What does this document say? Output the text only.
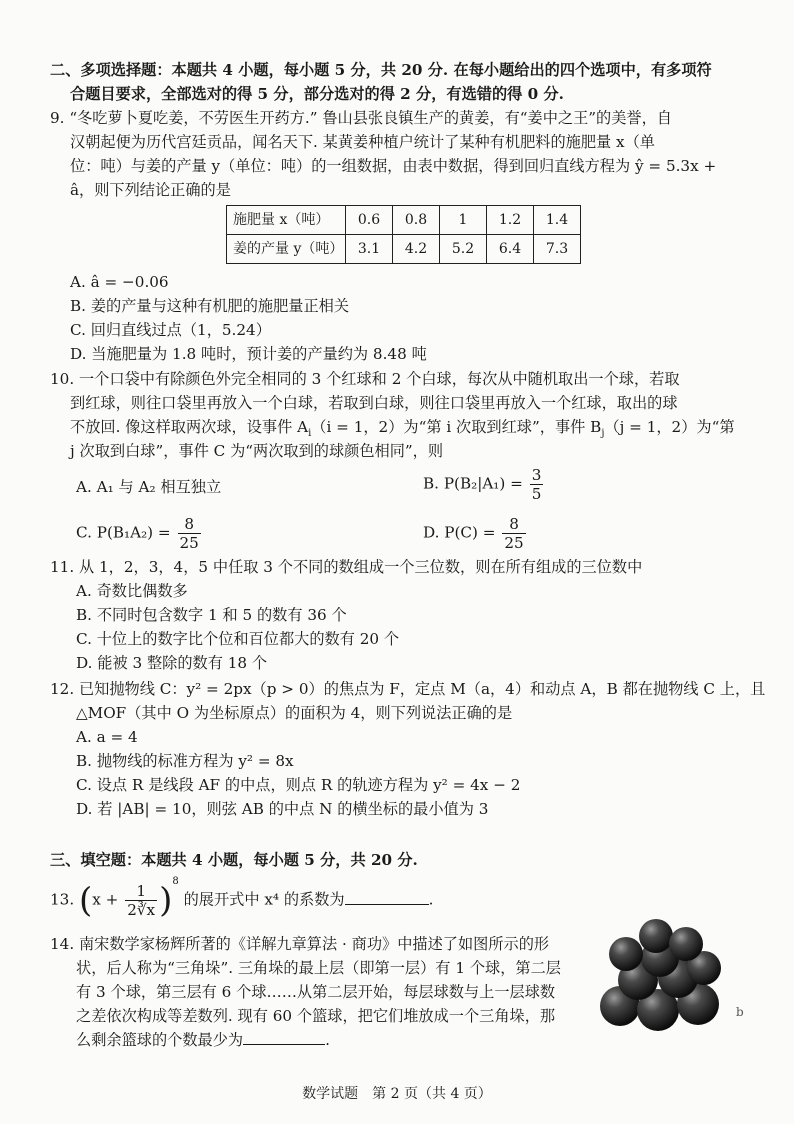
二、多项选择题：本题共 4 小题，每小题 5 分，共 20 分. 在每小题给出的四个选项中，有多项符
合题目要求，全部选对的得 5 分，部分选对的得 2 分，有选错的得 0 分.
9. “冬吃萝卜夏吃姜，不劳医生开药方.” 鲁山县张良镇生产的黄姜，有“姜中之王”的美誉，自
汉朝起便为历代宫廷贡品，闻名天下. 某黄姜种植户统计了某种有机肥料的施肥量 x（单
位：吨）与姜的产量 y（单位：吨）的一组数据，由表中数据，得到回归直线方程为 ŷ = 5.3x +
â，则下列结论正确的是
施肥量 x（吨）	0.6	0.8	1	1.2	1.4
姜的产量 y（吨）	3.1	4.2	5.2	6.4	7.3
A. â = −0.06
B. 姜的产量与这种有机肥的施肥量正相关
C. 回归直线过点（1，5.24）
D. 当施肥量为 1.8 吨时，预计姜的产量约为 8.48 吨
10. 一个口袋中有除颜色外完全相同的 3 个红球和 2 个白球，每次从中随机取出一个球，若取
到红球，则往口袋里再放入一个白球，若取到白球，则往口袋里再放入一个红球，取出的球
不放回. 像这样取两次球，设事件 $A_i(i = 1$，2）为“第 i 次取到红球”，事件 $B_j(j = 1$，2）为“第
j 次取到白球”，事件 C 为“两次取到的球颜色相同”，则
A. A₁ 与 A₂ 相互独立	B. $P(B_2|A_1) = \frac{3}{5}$
C. $P(B_1A_2) = \frac{8}{25}$	D. $P(C) = \frac{8}{25}$
11. 从 1，2，3，4，5 中任取 3 个不同的数组成一个三位数，则在所有组成的三位数中
A. 奇数比偶数多
B. 不同时包含数字 1 和 5 的数有 36 个
C. 十位上的数字比个位和百位都大的数有 20 个
D. 能被 3 整除的数有 18 个
12. 已知抛物线 C：y² = 2px（p > 0）的焦点为 F，定点 M（a，4）和动点 A，B 都在抛物线 C 上，且
△MOF（其中 O 为坐标原点）的面积为 4，则下列说法正确的是
A. a = 4
B. 抛物线的标准方程为 y² = 8x
C. 设点 R 是线段 AF 的中点，则点 R 的轨迹方程为 y² = 4x − 2
D. 若 |AB| = 10，则弦 AB 的中点 N 的横坐标的最小值为 3
三、填空题：本题共 4 小题，每小题 5 分，共 20 分.
13. $(x + \frac{1}{2∛x} )^8$ 的展开式中 x⁴ 的系数为	.
14. 南宋数学家杨辉所著的《详解九章算法 · 商功》中描述了如图所示的形
状，后人称为“三角垛”. 三角垛的最上层（即第一层）有 1 个球，第二层
有 3 个球，第三层有 6 个球……从第二层开始，每层球数与上一层球数
之差依次构成等差数列. 现有 60 个篮球，把它们堆放成一个三角垛，那
么剩余篮球的个数最少为	.
b
数学试题　第 2 页（共 4 页）
